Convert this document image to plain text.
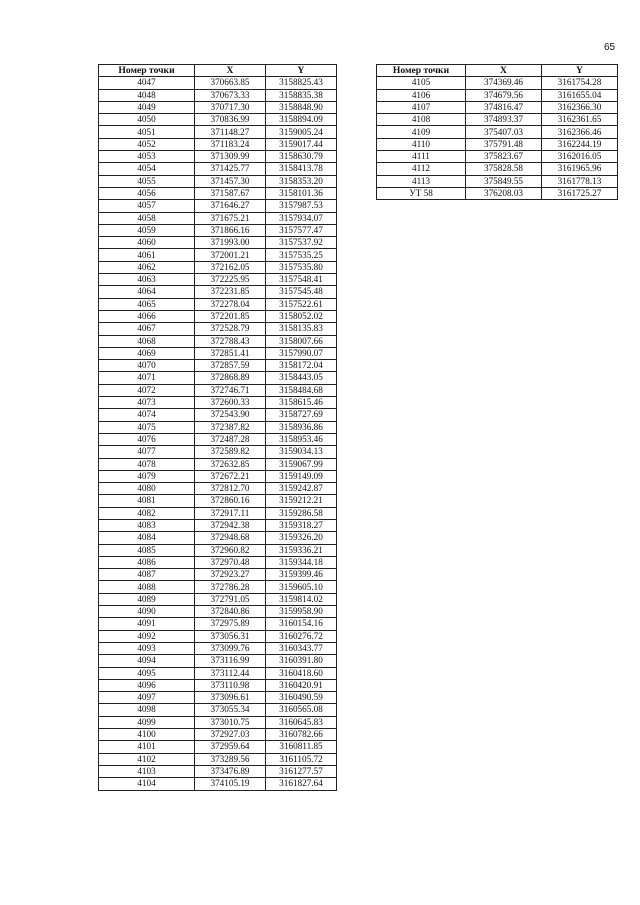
65
Номер точки	X	Y
4047	370663.85	3158825.43
4048	370673.33	3158835.38
4049	370717.30	3158848.90
4050	370836.99	3158894.09
4051	371148.27	3159005.24
4052	371183.24	3159017.44
4053	371309.99	3158630.79
4054	371425.77	3158413.78
4055	371457.30	3158353.20
4056	371587.67	3158101.36
4057	371646.27	3157987.53
4058	371675.21	3157934.07
4059	371866.16	3157577.47
4060	371993.00	3157537.92
4061	372001.21	3157535.25
4062	372162.05	3157535.80
4063	372225.95	3157548.41
4064	372231.85	3157545.48
4065	372278.04	3157522.61
4066	372201.85	3158052.02
4067	372528.79	3158135.83
4068	372788.43	3158007.66
4069	372851.41	3157990.07
4070	372857.59	3158172.04
4071	372868.89	3158443.05
4072	372746.71	3158484.68
4073	372600.33	3158615.46
4074	372543.90	3158727.69
4075	372387.82	3158936.86
4076	372487.28	3158953.46
4077	372589.82	3159034.13
4078	372632.85	3159067.99
4079	372672.21	3159149.09
4080	372812.70	3159242.87
4081	372860.16	3159212.21
4082	372917.11	3159286.58
4083	372942.38	3159318.27
4084	372948.68	3159326.20
4085	372960.82	3159336.21
4086	372970.48	3159344.18
4087	372923.27	3159399.46
4088	372786.28	3159605.10
4089	372791.05	3159814.02
4090	372840.86	3159958.90
4091	372975.89	3160154.16
4092	373056.31	3160276.72
4093	373099.76	3160343.77
4094	373116.99	3160391.80
4095	373112.44	3160418.60
4096	373110.98	3160420.91
4097	373096.61	3160490.59
4098	373055.34	3160565.08
4099	373010.75	3160645.83
4100	372927.03	3160782.66
4101	372959.64	3160811.85
4102	373289.56	3161105.72
4103	373476.89	3161277.57
4104	374105.19	3161827.64
Номер точки	X	Y
4105	374369.46	3161754.28
4106	374679.56	3161655.04
4107	374816.47	3162366.30
4108	374893.37	3162361.65
4109	375407.03	3162366.46
4110	375791.48	3162244.19
4111	375823.67	3162016.05
4112	375828.58	3161965.96
4113	375849.55	3161778.13
УТ 58	376208.03	3161725.27
